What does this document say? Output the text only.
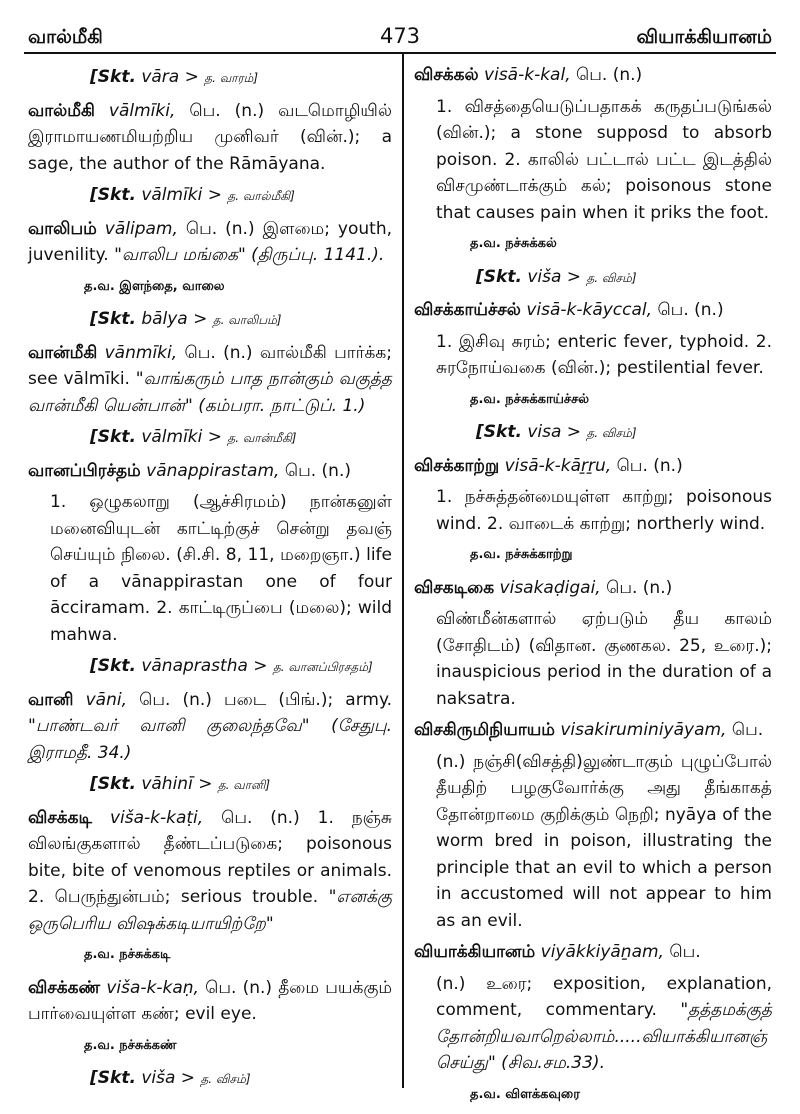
வால்மீகி	473	வியாக்கியானம்
[Skt. vāra > த. வாரம்]
வால்மீகி vālmīki, பெ. (n.) வடமொழியில் இராமாயணமியற்றிய முனிவர் (வின்.); a sage, the author of the Rāmāyana.
[Skt. vālmīki > த. வால்மீகி]
வாலிபம் vālipam, பெ. (n.) இளமை; youth, juvenility. "வாலிப மங்கை" (திருப்பு. 1141.).
த.வ. இளந்தை, வாலை
[Skt. bālya > த. வாலிபம்]
வான்மீகி vānmīki, பெ. (n.) வால்மீகி பார்க்க; see vālmīki. "வாங்கரும் பாத நான்கும் வகுத்த வான்மீகி யென்பான்" (கம்பரா. நாட்டுப். 1.)
[Skt. vālmīki > த. வான்மீகி]
வானப்பிரச்தம் vānappirastam, பெ. (n.)
1. ஒழுகலாறு (ஆச்சிரமம்) நான்கனுள் மனைவியுடன் காட்டிற்குச் சென்று தவஞ் செய்யும் நிலை. (சி.சி. 8, 11, மறைஞா.) life of a vānappirastan one of four ācciramam. 2. காட்டிருப்பை (மலை); wild mahwa.
[Skt. vānaprastha > த. வானப்பிரசதம்]
வானி vāni, பெ. (n.) படை (பிங்.); army. "பாண்டவர் வானி குலைந்தவே" (சேதுபு. இராமதீ. 34.)
[Skt. vāhinī > த. வானி]
விசக்கடி viša-k-kaṭi, பெ. (n.) 1. நஞ்சு விலங்குகளால் தீண்டப்படுகை; poisonous bite, bite of venomous reptiles or animals. 2. பெருந்துன்பம்; serious trouble. "எனக்கு ஒருபெரிய விஷக்கடியாயிற்றே"
த.வ. நச்சுக்கடி
விசக்கண் viša-k-kaṇ, பெ. (n.) தீமை பயக்கும் பார்வையுள்ள கண்; evil eye.
த.வ. நச்சுக்கண்
[Skt. viša > த. விசம்]
விசக்கல் visā-k-kal, பெ. (n.)
1. விசத்தையெடுப்பதாகக் கருதப்படுங்கல் (வின்.); a stone supposd to absorb poison. 2. காலில் பட்டால் பட்ட இடத்தில் விசமுண்டாக்கும் கல்; poisonous stone that causes pain when it priks the foot.
த.வ. நச்சுக்கல்
[Skt. viša > த. விசம்]
விசக்காய்ச்சல் visā-k-kāyccal, பெ. (n.)
1. இசிவு சுரம்; enteric fever, typhoid. 2. சுரநோய்வகை (வின்.); pestilential fever.
த.வ. நச்சுக்காய்ச்சல்
[Skt. visa > த. விசம்]
விசக்காற்று visā-k-kāṟṟu, பெ. (n.)
1. நச்சுத்தன்மையுள்ள காற்று; poisonous wind. 2. வாடைக் காற்று; northerly wind.
த.வ. நச்சுக்காற்று
விசகடிகை visakaḍigai, பெ. (n.)
விண்மீன்களால் ஏற்படும் தீய காலம் (சோதிடம்) (விதான. குணகல. 25, உரை.); inauspicious period in the duration of a naksatra.
விசகிருமிநியாயம் visakiruminiyāyam, பெ.
(n.) நஞ்சி(விசத்தி)லுண்டாகும் புழுப்போல் தீயதிற் பழகுவோர்க்கு அது தீங்காகத் தோன்றாமை குறிக்கும் நெறி; nyāya of the worm bred in poison, illustrating the principle that an evil to which a person in accustomed will not appear to him as an evil.
வியாக்கியானம் viyākkiyāṉam, பெ.
(n.) உரை; exposition, explanation, comment, commentary. "தத்தமக்குத் தோன்றியவாறெல்லாம்.....வியாக்கியானஞ் செய்து" (சிவ.சம.33).
த.வ. விளக்கவுரை
